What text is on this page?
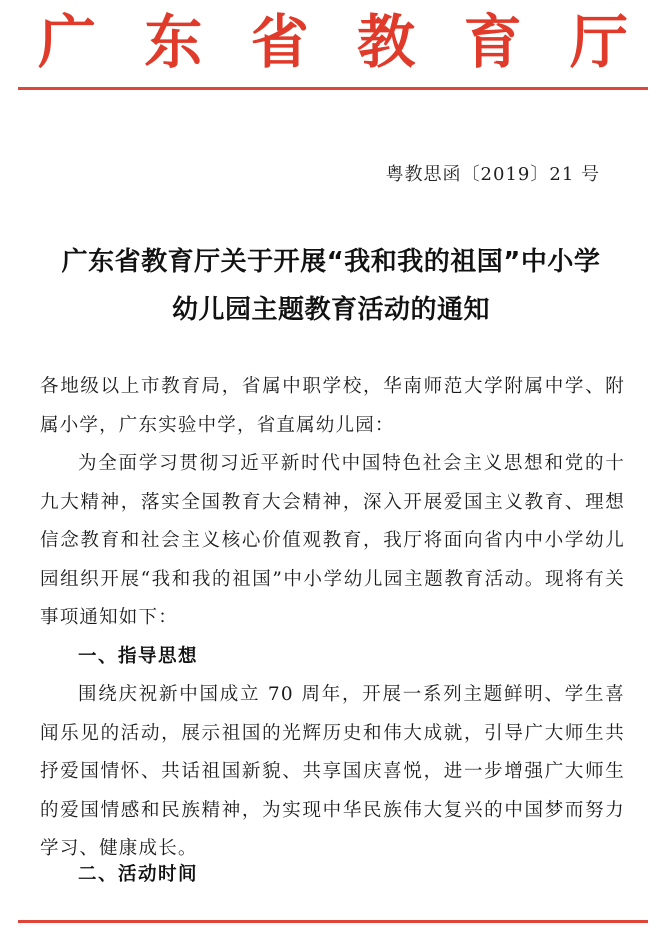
广 东 省 教 育 厅
粤教思函〔2019〕21 号
广东省教育厅关于开展“我和我的祖国”中小学
幼儿园主题教育活动的通知

各地级以上市教育局，省属中职学校，华南师范大学附属中学、附属小学，广东实验中学，省直属幼儿园：

为全面学习贯彻习近平新时代中国特色社会主义思想和党的十九大精神，落实全国教育大会精神，深入开展爱国主义教育、理想信念教育和社会主义核心价值观教育，我厅将面向省内中小学幼儿园组织开展“我和我的祖国”中小学幼儿园主题教育活动。现将有关事项通知如下：

一、指导思想

围绕庆祝新中国成立 70 周年，开展一系列主题鲜明、学生喜闻乐见的活动，展示祖国的光辉历史和伟大成就，引导广大师生共抒爱国情怀、共话祖国新貌、共享国庆喜悦，进一步增强广大师生的爱国情感和民族精神，为实现中华民族伟大复兴的中国梦而努力学习、健康成长。

二、活动时间
